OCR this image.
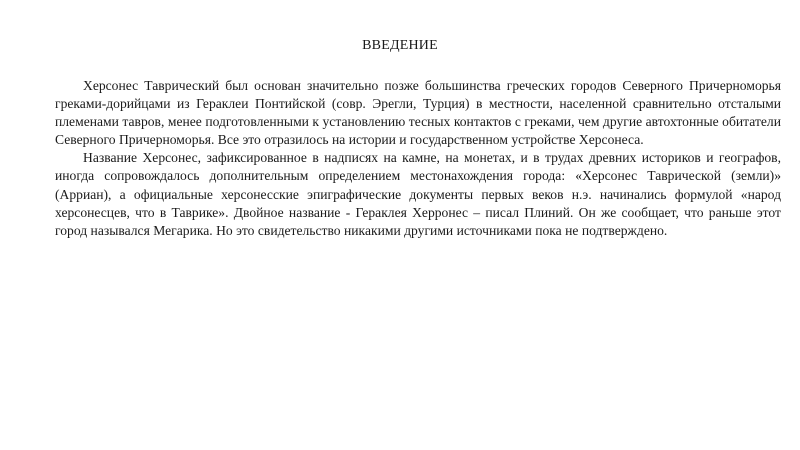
ВВЕДЕНИЕ

Херсонес Таврический был основан значительно позже большинства греческих городов Северного Причерноморья греками-дорийцами из Гераклеи Понтийской (совр. Эрегли, Турция) в местности, населенной сравнительно отсталыми племенами тавров, менее подготовленными к установлению тесных контактов с греками, чем другие автохтонные обитатели Северного Причерноморья. Все это отразилось на истории и государственном устройстве Херсонеса.

Название Херсонес, зафиксированное в надписях на камне, на монетах, и в трудах древних историков и географов, иногда сопровождалось дополнительным определением местонахождения города: «Херсонес Таврической (земли)» (Арриан), а официальные херсонесские эпиграфические документы первых веков н.э. начинались формулой «народ херсонесцев, что в Таврике». Двойное название - Гераклея Херронес – писал Плиний. Он же сообщает, что раньше этот город назывался Мегарика. Но это свидетельство никакими другими источниками пока не подтверждено.
